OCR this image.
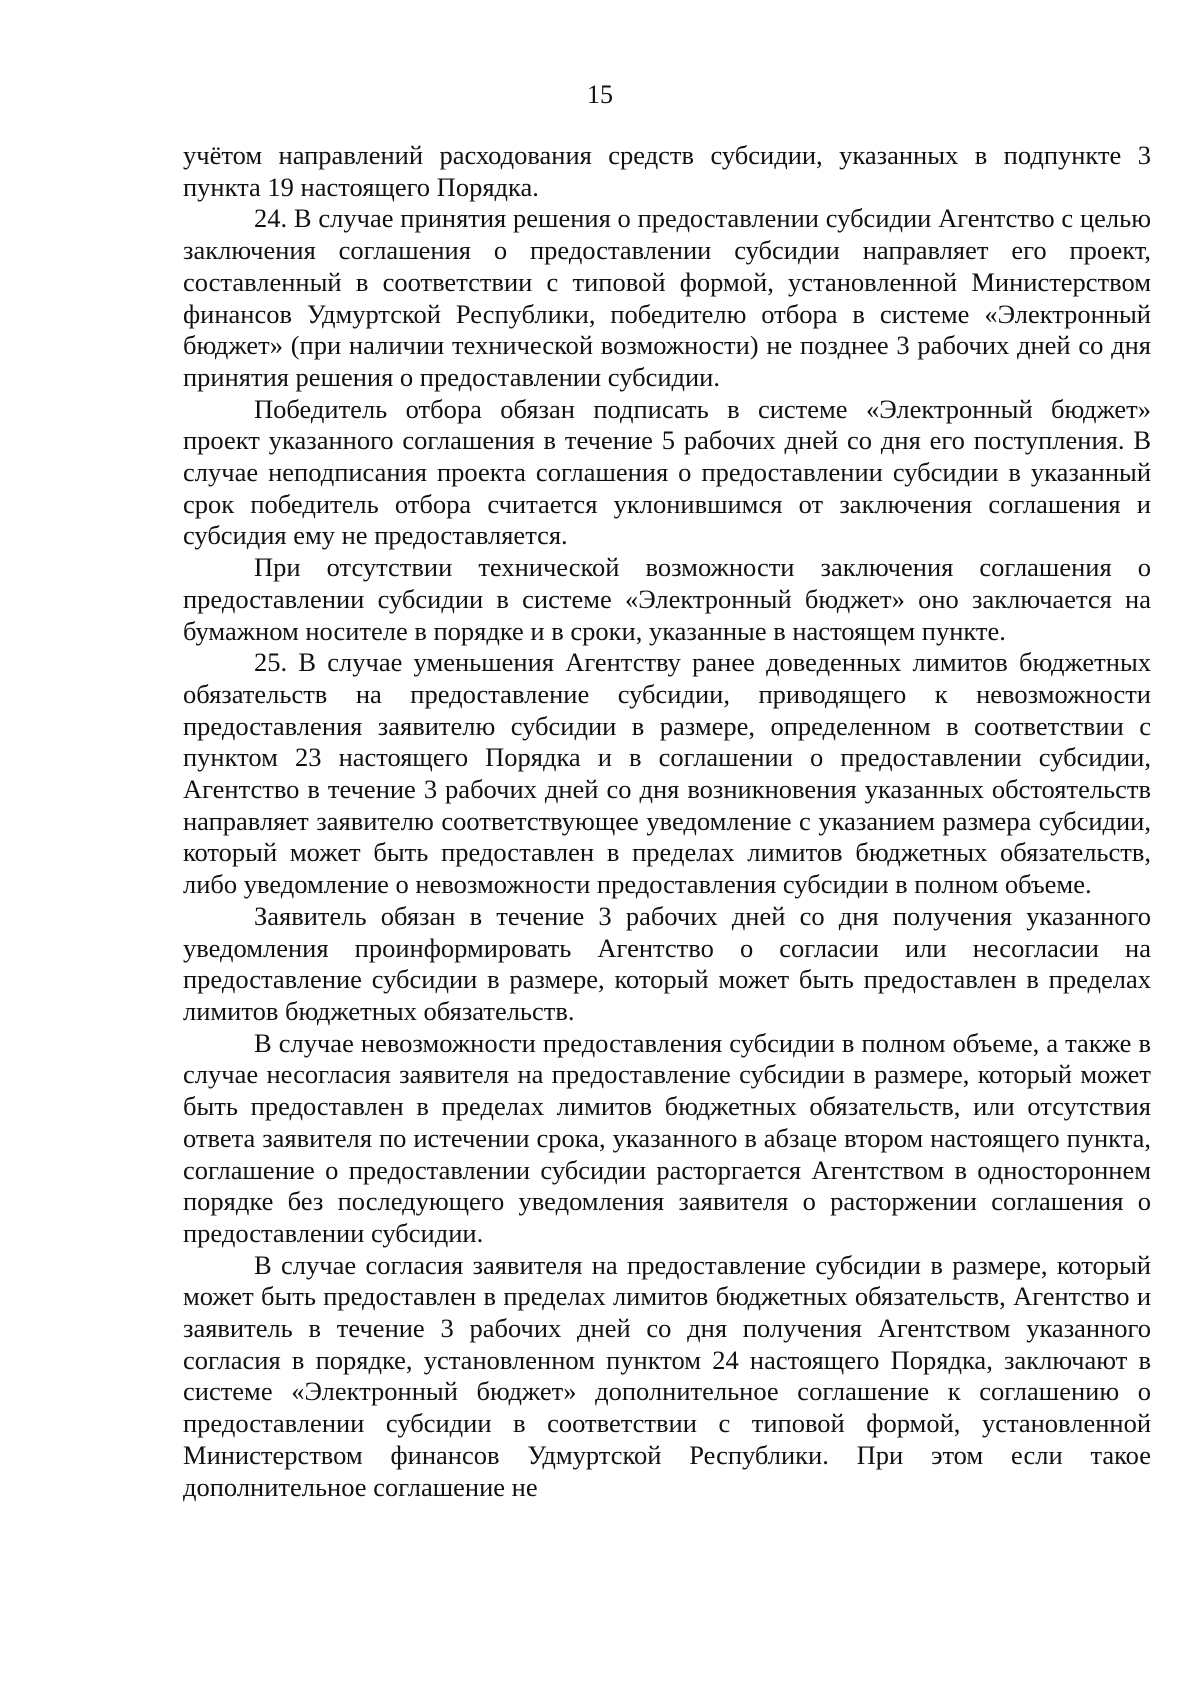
15

учётом направлений расходования средств субсидии, указанных в подпункте 3 пункта 19 настоящего Порядка.

24. В случае принятия решения о предоставлении субсидии Агентство с целью заключения соглашения о предоставлении субсидии направляет его проект, составленный в соответствии с типовой формой, установленной Министерством финансов Удмуртской Республики, победителю отбора в системе «Электронный бюджет» (при наличии технической возможности) не позднее 3 рабочих дней со дня принятия решения о предоставлении субсидии.

Победитель отбора обязан подписать в системе «Электронный бюджет» проект указанного соглашения в течение 5 рабочих дней со дня его поступления. В случае неподписания проекта соглашения о предоставлении субсидии в указанный срок победитель отбора считается уклонившимся от заключения соглашения и субсидия ему не предоставляется.

При отсутствии технической возможности заключения соглашения о предоставлении субсидии в системе «Электронный бюджет» оно заключается на бумажном носителе в порядке и в сроки, указанные в настоящем пункте.

25. В случае уменьшения Агентству ранее доведенных лимитов бюджетных обязательств на предоставление субсидии, приводящего к невозможности предоставления заявителю субсидии в размере, определенном в соответствии с пунктом 23 настоящего Порядка и в соглашении о предоставлении субсидии, Агентство в течение 3 рабочих дней со дня возникновения указанных обстоятельств направляет заявителю соответствующее уведомление с указанием размера субсидии, который может быть предоставлен в пределах лимитов бюджетных обязательств, либо уведомление о невозможности предоставления субсидии в полном объеме.

Заявитель обязан в течение 3 рабочих дней со дня получения указанного уведомления проинформировать Агентство о согласии или несогласии на предоставление субсидии в размере, который может быть предоставлен в пределах лимитов бюджетных обязательств.

В случае невозможности предоставления субсидии в полном объеме, а также в случае несогласия заявителя на предоставление субсидии в размере, который может быть предоставлен в пределах лимитов бюджетных обязательств, или отсутствия ответа заявителя по истечении срока, указанного в абзаце втором настоящего пункта, соглашение о предоставлении субсидии расторгается Агентством в одностороннем порядке без последующего уведомления заявителя о расторжении соглашения о предоставлении субсидии.

В случае согласия заявителя на предоставление субсидии в размере, который может быть предоставлен в пределах лимитов бюджетных обязательств, Агентство и заявитель в течение 3 рабочих дней со дня получения Агентством указанного согласия в порядке, установленном пунктом 24 настоящего Порядка, заключают в системе «Электронный бюджет» дополнительное соглашение к соглашению о предоставлении субсидии в соответствии с типовой формой, установленной Министерством финансов Удмуртской Республики. При этом если такое дополнительное соглашение не
